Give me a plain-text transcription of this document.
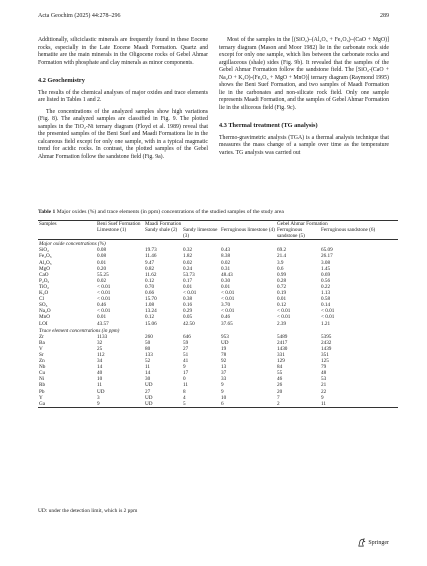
Acta Geochim (2025) 44:278–296	289

Additionally, siliciclastic minerals are frequently found in these Eocene rocks, especially in the Late Eocene Maadi Formation. Quartz and hematite are the main minerals in the Oligocene rocks of Gebel Ahmar Formation with phosphate and clay minerals as minor components.

4.2 Geochemistry

The results of the chemical analyses of major oxides and trace elements are listed in Tables 1 and 2.

The concentrations of the analyzed samples show high variations (Fig. 8). The analyzed samples are classified in Fig. 9. The plotted samples in the TiO₂-Ni ternary diagram (Floyd et al. 1989) reveal that the presented samples of the Beni Suef and Maadi Formations lie in the calcareous field except for only one sample, with in a typical magmatic trend for acidic rocks. In contrast, the plotted samples of the Gebel Ahmar Formation follow the sandstone field (Fig. 9a).

Most of the samples in the [(SiO₂)–(Al₂O₃ + Fe₂O₃)–(CaO + MgO)] ternary diagram (Mason and Moor 1982) lie in the carbonate rock side except for only one sample, which lies between the carbonate rocks and argillaceous (shale) sides (Fig. 9b). It revealed that the samples of the Gebel Ahmar Formation follow the sandstone field. The [SiO₂-(CaO + Na₂O + K₂O)-(Fe₂O₃ + MgO + MnO)] ternary diagram (Raymond 1995) shows the Beni Suef Formation, and two samples of Maadi Formation lie in the carbonates and non-silicate rock field. Only one sample represents Maadi Formation, and the samples of Gebel Ahmar Formation lie in the siliceous field (Fig. 9c).

4.3 Thermal treatment (TG analysis)

Thermo-gravimetric analysis (TGA) is a thermal analysis technique that measures the mass change of a sample over time as the temperature varies. TG analysis was carried out

Table 1 Major oxides (%) and trace elements (in ppm) concentrations of the studied samples of the study area
Samples	Beni Suef Formation	Maadi Formation			Gebel Ahmar Formation	
	Limestone (1)	Sandy shale (2)	Sandy limestone (3)	Ferruginous limestone (4)	Ferruginous sandstone (5)	Ferruginous sandstone (6)
Major oxide concentrations (%)						
SiO₂	0.08	19.73	0.32	0.43	69.2	65.09
Fe₂O₃	0.08	11.46	1.82	8.38	21.4	26.17
Al₂O₃	0.01	9.47	0.02	0.02	3.9	3.08
MgO	0.20	0.82	0.24	0.31	0.6	1.45
CaO	55.25	11.62	53.73	48.43	0.99	0.69
P₂O₅	0.02	0.12	0.17	0.30	0.28	0.56
TiO₂	< 0.01	0.70	0.01	0.01	0.72	0.22
K₂O	< 0.01	0.66	< 0.01	< 0.01	0.19	1.13
Cl	< 0.01	15.70	0.38	< 0.01	0.01	0.58
SO₃	0.46	1.08	0.16	3.70	0.12	0.14
Na₂O	< 0.01	13.24	0.29	< 0.01	< 0.01	< 0.01
MnO	0.01	0.12	0.05	0.46	< 0.01	< 0.01
LOI	43.57	15.06	42.50	37.65	2.39	1.21
Trace element concentrations (in ppm)						
Zr	1133	260	646	953	5489	5395
Ba	32	50	59	UD	2417	2432
V	25	80	27	19	1430	1439
Sr	112	133	51	78	331	351
Zn	34	52	41	92	129	125
Nb	14	11	9	13	84	79
Cu	40	14	17	37	55	48
Ni	10	30	0	33	46	53
Rb	11	UD	11	9	26	21
Pb	UD	27	8	9	20	22
Y	3	UD	4	10	7	9
Ga	9	UD	5	6	2	11
UD: under the detection limit, which is 2 ppm
Springer
